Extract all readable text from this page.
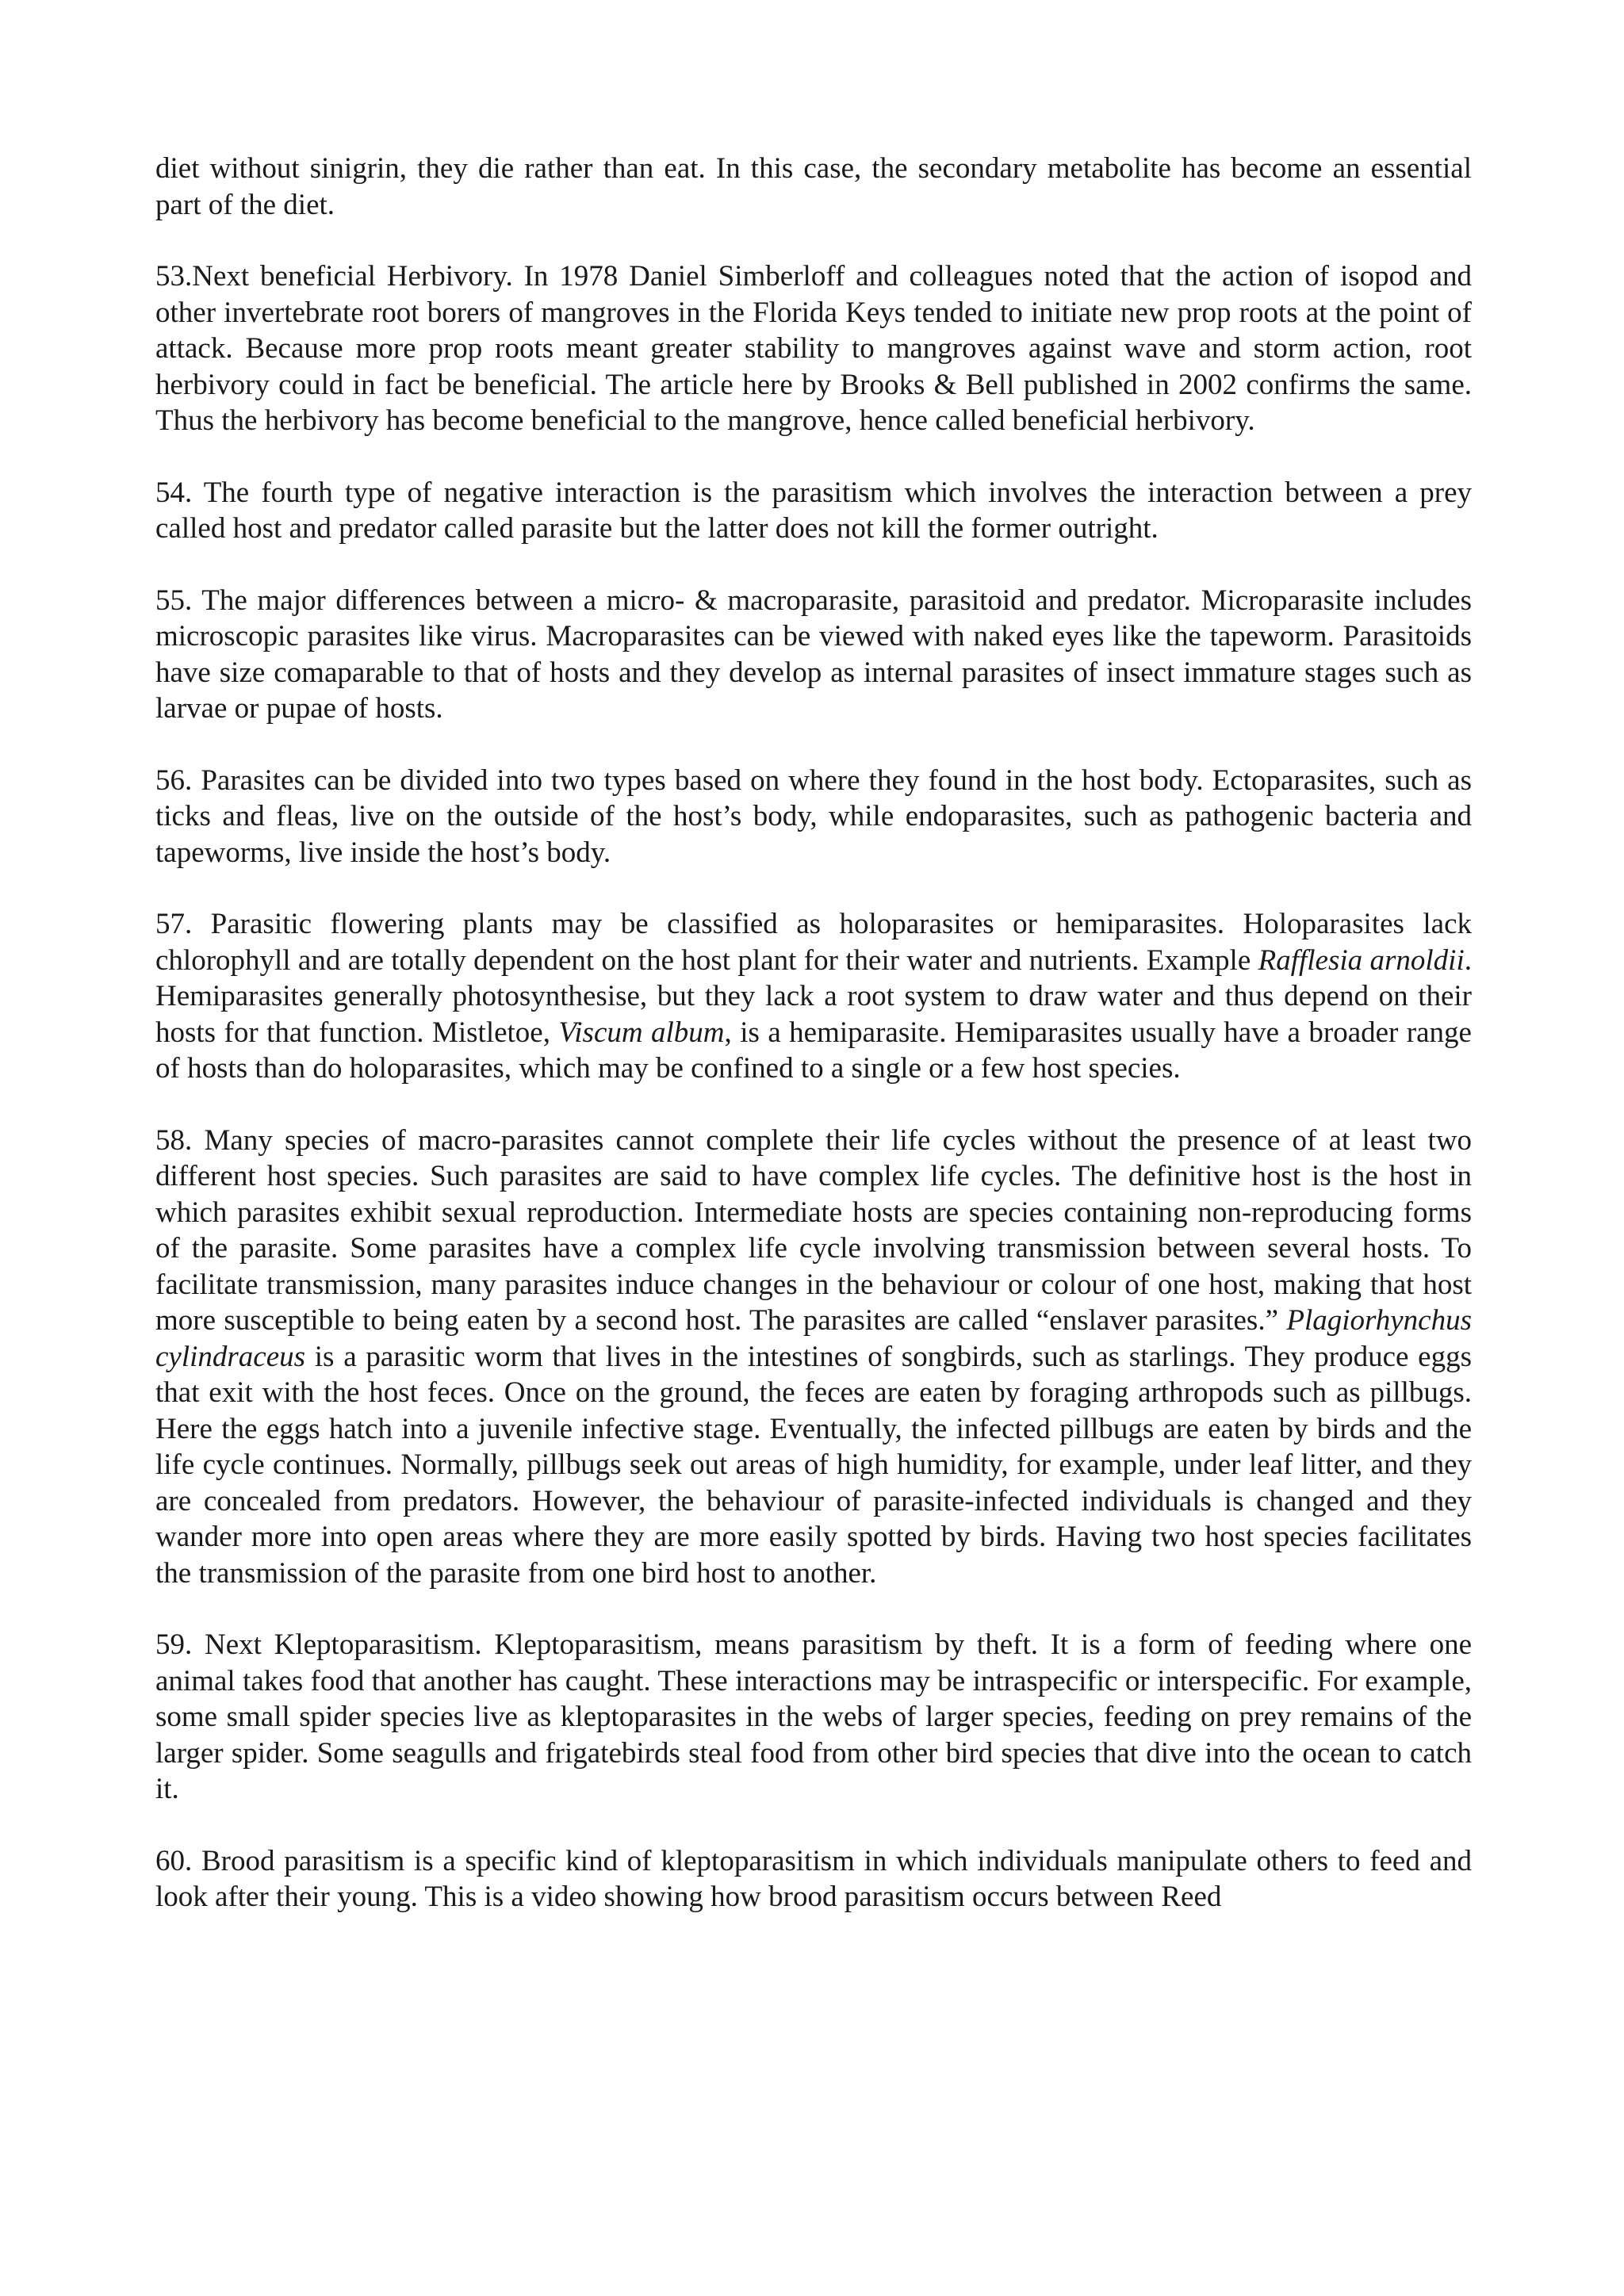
diet without sinigrin, they die rather than eat. In this case, the secondary metabolite has become an essential part of the diet.

53.Next beneficial Herbivory. In 1978 Daniel Simberloff and colleagues noted that the action of isopod and other invertebrate root borers of mangroves in the Florida Keys tended to initiate new prop roots at the point of attack. Because more prop roots meant greater stability to mangroves against wave and storm action, root herbivory could in fact be beneficial. The article here by Brooks & Bell published in 2002 confirms the same. Thus the herbivory has become beneficial to the mangrove, hence called beneficial herbivory.

54. The fourth type of negative interaction is the parasitism which involves the interaction between a prey called host and predator called parasite but the latter does not kill the former outright.

55. The major differences between a micro- & macroparasite, parasitoid and predator. Microparasite includes microscopic parasites like virus. Macroparasites can be viewed with naked eyes like the tapeworm. Parasitoids have size comaparable to that of hosts and they develop as internal parasites of insect immature stages such as larvae or pupae of hosts.

56. Parasites can be divided into two types based on where they found in the host body. Ectoparasites, such as ticks and fleas, live on the outside of the host’s body, while endoparasites, such as pathogenic bacteria and tapeworms, live inside the host’s body.

57. Parasitic flowering plants may be classified as holoparasites or hemiparasites. Holoparasites lack chlorophyll and are totally dependent on the host plant for their water and nutrients. Example Rafflesia arnoldii. Hemiparasites generally photosynthesise, but they lack a root system to draw water and thus depend on their hosts for that function. Mistletoe, Viscum album, is a hemiparasite. Hemiparasites usually have a broader range of hosts than do holoparasites, which may be confined to a single or a few host species.

58. Many species of macro-parasites cannot complete their life cycles without the presence of at least two different host species. Such parasites are said to have complex life cycles. The definitive host is the host in which parasites exhibit sexual reproduction. Intermediate hosts are species containing non-reproducing forms of the parasite. Some parasites have a complex life cycle involving transmission between several hosts. To facilitate transmission, many parasites induce changes in the behaviour or colour of one host, making that host more susceptible to being eaten by a second host. The parasites are called “enslaver parasites.” Plagiorhynchus cylindraceus is a parasitic worm that lives in the intestines of songbirds, such as starlings. They produce eggs that exit with the host feces. Once on the ground, the feces are eaten by foraging arthropods such as pillbugs. Here the eggs hatch into a juvenile infective stage. Eventually, the infected pillbugs are eaten by birds and the life cycle continues. Normally, pillbugs seek out areas of high humidity, for example, under leaf litter, and they are concealed from predators. However, the behaviour of parasite-infected individuals is changed and they wander more into open areas where they are more easily spotted by birds. Having two host species facilitates the transmission of the parasite from one bird host to another.

59. Next Kleptoparasitism. Kleptoparasitism, means parasitism by theft. It is a form of feeding where one animal takes food that another has caught. These interactions may be intraspecific or interspecific. For example, some small spider species live as kleptoparasites in the webs of larger species, feeding on prey remains of the larger spider. Some seagulls and frigatebirds steal food from other bird species that dive into the ocean to catch it.

60. Brood parasitism is a specific kind of kleptoparasitism in which individuals manipulate others to feed and look after their young. This is a video showing how brood parasitism occurs between Reed
